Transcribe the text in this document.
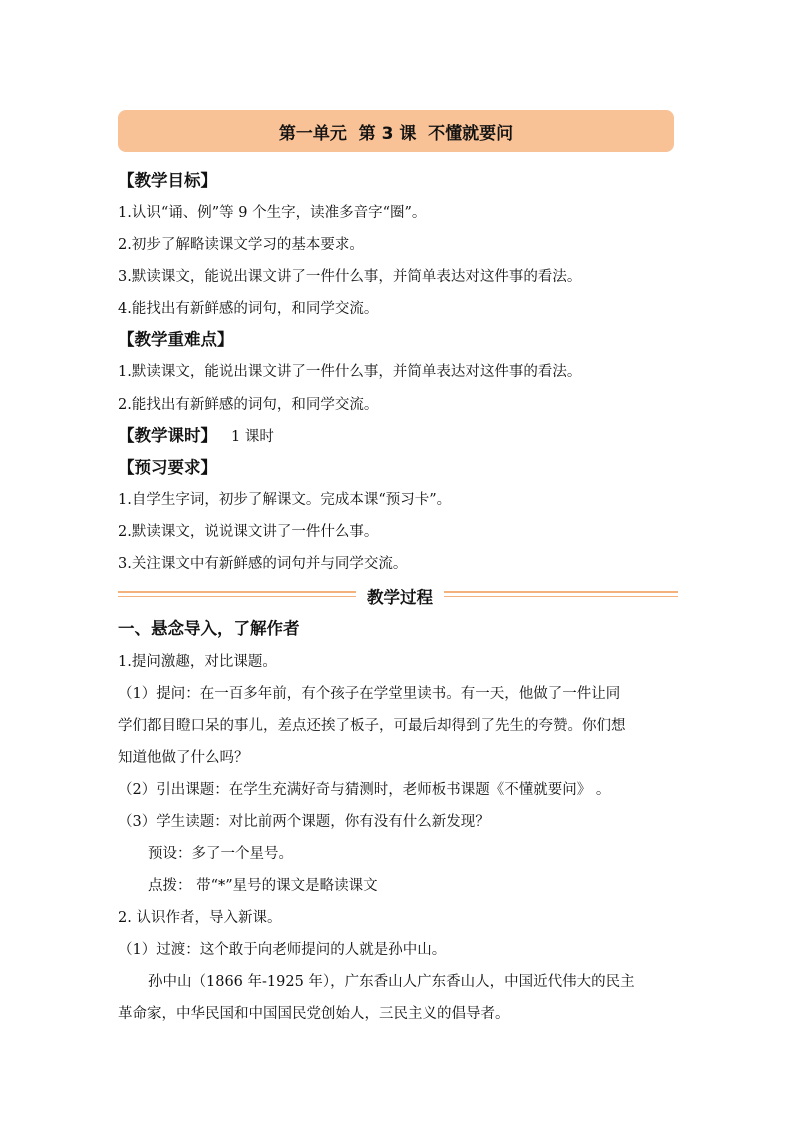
第一单元  第 3 课  不懂就要问
【教学目标】
1.认识“诵、例”等 9 个生字，读准多音字“圈”。
2.初步了解略读课文学习的基本要求。
3.默读课文，能说出课文讲了一件什么事，并简单表达对这件事的看法。
4.能找出有新鲜感的词句，和同学交流。
【教学重难点】
1.默读课文，能说出课文讲了一件什么事，并简单表达对这件事的看法。
2.能找出有新鲜感的词句，和同学交流。
【教学课时】 1 课时
【预习要求】
1.自学生字词，初步了解课文。完成本课“预习卡”。
2.默读课文，说说课文讲了一件什么事。
3.关注课文中有新鲜感的词句并与同学交流。
教学过程
一、悬念导入，了解作者
1.提问激趣，对比课题。
（1）提问：在一百多年前，有个孩子在学堂里读书。有一天，他做了一件让同
学们都目瞪口呆的事儿，差点还挨了板子，可最后却得到了先生的夸赞。你们想
知道他做了什么吗？
（2）引出课题：在学生充满好奇与猜测时，老师板书课题《不懂就要问》 。
（3）学生读题：对比前两个课题，你有没有什么新发现？
预设：多了一个星号。
点拨： 带“*”星号的课文是略读课文
2. 认识作者，导入新课。
（1）过渡：这个敢于向老师提问的人就是孙中山。
孙中山（1866 年-1925 年），广东香山人广东香山人，中国近代伟大的民主
革命家，中华民国和中国国民党创始人，三民主义的倡导者。
